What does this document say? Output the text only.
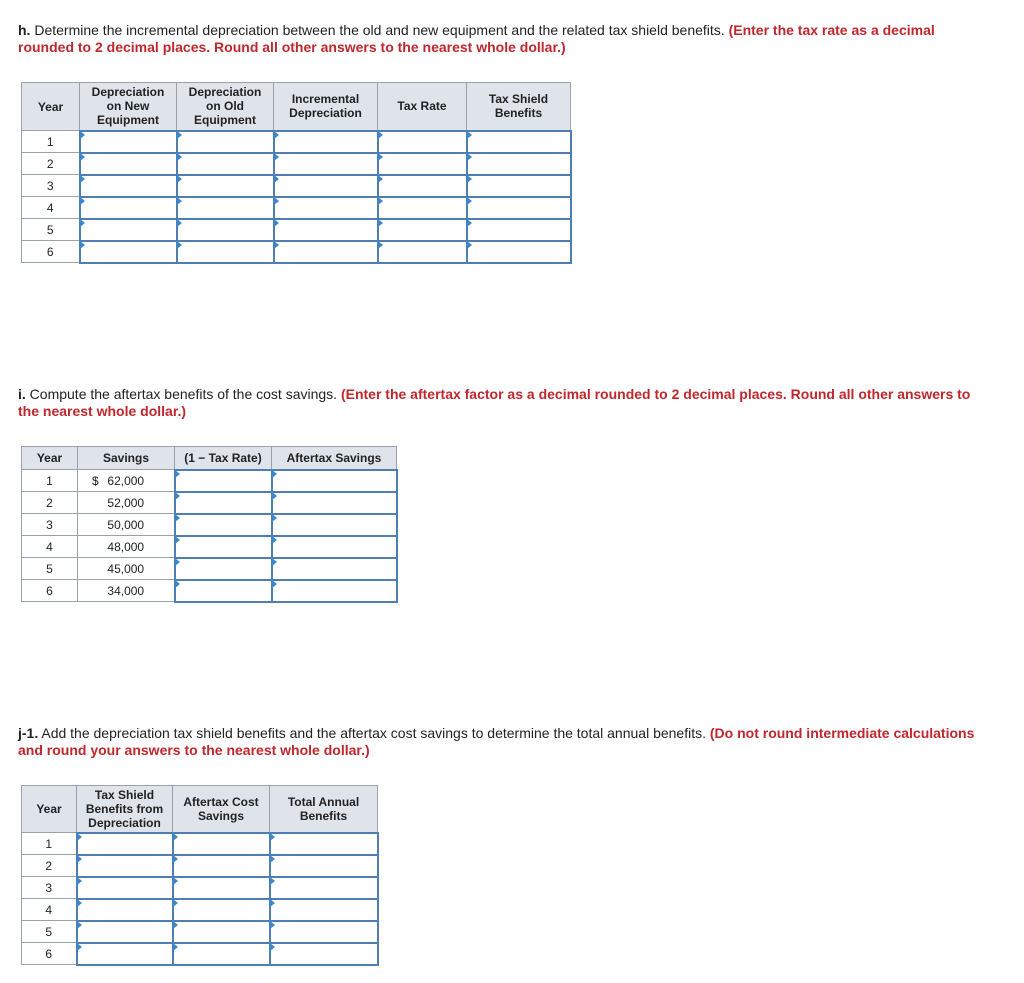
h. Determine the incremental depreciation between the old and new equipment and the related tax shield benefits. (Enter the tax rate as a decimal rounded to 2 decimal places. Round all other answers to the nearest whole dollar.)

Year	Depreciation on New Equipment	Depreciation on Old Equipment	Incremental Depreciation	Tax Rate	Tax Shield Benefits
1	

2	

3	

4	

5	

6	

i. Compute the aftertax benefits of the cost savings. (Enter the aftertax factor as a decimal rounded to 2 decimal places. Round all other answers to the nearest whole dollar.)

Year	Savings	(1 − Tax Rate)	Aftertax Savings
1	$ 62,000	

2	52,000	

3	50,000	

4	48,000	

5	45,000	

6	34,000	

j-1. Add the depreciation tax shield benefits and the aftertax cost savings to determine the total annual benefits. (Do not round intermediate calculations and round your answers to the nearest whole dollar.)

Year	Tax Shield Benefits from Depreciation	Aftertax Cost Savings	Total Annual Benefits
1	

2	

3	

4	

5	

6	
